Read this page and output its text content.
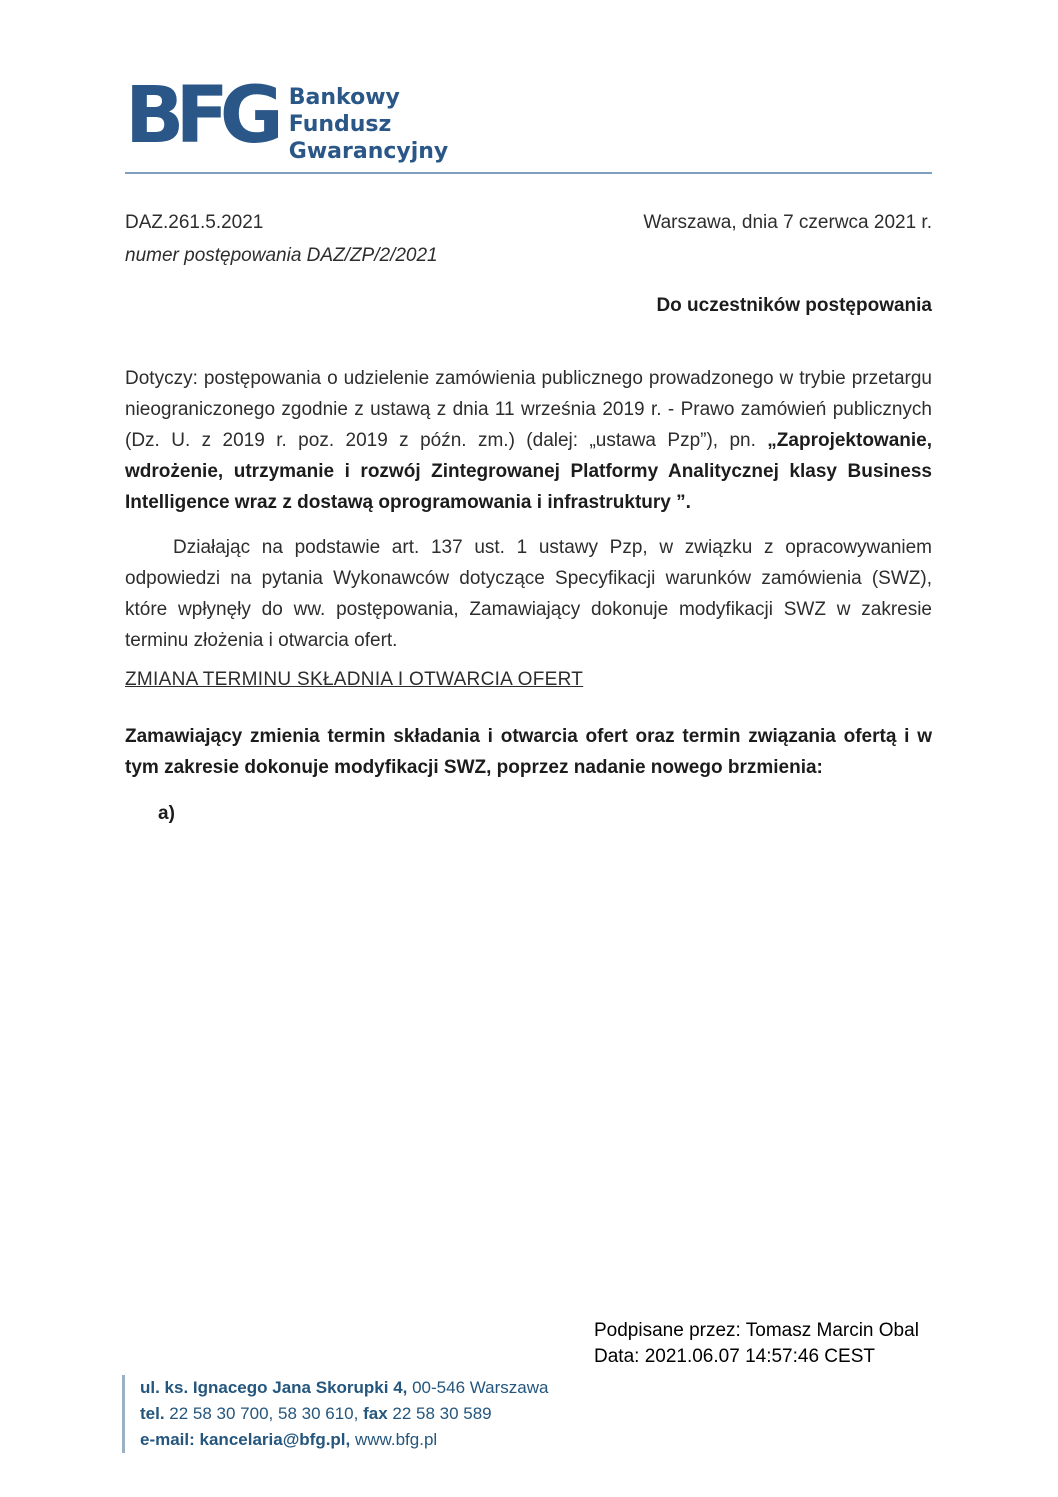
BFG Bankowy
Fundusz
Gwarancyjny
DAZ.261.5.2021	Warszawa, dnia 7 czerwca 2021 r.
numer postępowania DAZ/ZP/2/2021
Do uczestników postępowania
Dotyczy: postępowania o udzielenie zamówienia publicznego prowadzonego w trybie przetargu nieograniczonego zgodnie z ustawą z dnia 11 września 2019 r. - Prawo zamówień publicznych (Dz. U. z 2019 r. poz. 2019 z późn. zm.) (dalej: „ustawa Pzp”), pn. „Zaprojektowanie, wdrożenie, utrzymanie i rozwój Zintegrowanej Platformy Analitycznej klasy Business Intelligence wraz z dostawą oprogramowania i infrastruktury ”.
Działając na podstawie art. 137 ust. 1 ustawy Pzp, w związku z opracowywaniem odpowiedzi na pytania Wykonawców dotyczące Specyfikacji warunków zamówienia (SWZ), które wpłynęły do ww. postępowania, Zamawiający dokonuje modyfikacji SWZ w zakresie terminu złożenia i otwarcia ofert.
ZMIANA TERMINU SKŁADNIA I OTWARCIA OFERT
Zamawiający zmienia termin składania i otwarcia ofert oraz termin związania ofertą i w tym zakresie dokonuje modyfikacji SWZ, poprzez nadanie nowego brzmienia:
a)
Podpisane przez: Tomasz Marcin Obal
Data: 2021.06.07 14:57:46 CEST
ul. ks. Ignacego Jana Skorupki 4, 00-546 Warszawa
tel. 22 58 30 700, 58 30 610, fax 22 58 30 589
e-mail: kancelaria@bfg.pl, www.bfg.pl
